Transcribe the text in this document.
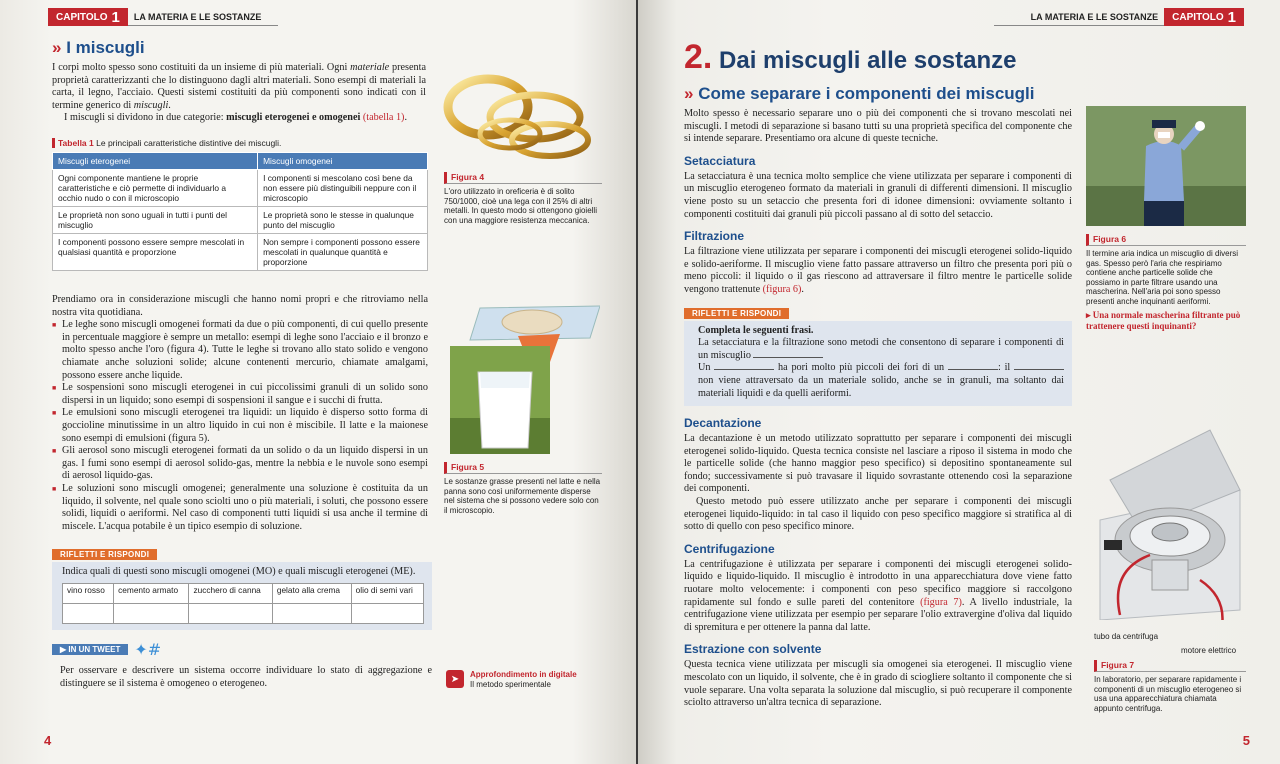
CAPITOLO 1	LA MATERIA E LE SOSTANZE
» I miscugli

I corpi molto spesso sono costituiti da un insieme di più materiali. Ogni materiale presenta proprietà caratterizzanti che lo distinguono dagli altri materiali. Sono esempi di materiali la carta, il legno, l'acciaio. Questi sistemi costituiti da più componenti sono indicati con il termine generico di miscugli.

I miscugli si dividono in due categorie: miscugli eterogenei e omogenei (tabella 1).

Tabella 1 Le principali caratteristiche distintive dei miscugli.
Miscugli eterogenei	Miscugli omogenei
Ogni componente mantiene le proprie caratteristiche e ciò permette di individuarlo a occhio nudo o con il microscopio	I componenti si mescolano così bene da non essere più distinguibili neppure con il microscopio
Le proprietà non sono uguali in tutti i punti del miscuglio	Le proprietà sono le stesse in qualunque punto del miscuglio
I componenti possono essere sempre mescolati in qualsiasi quantità e proporzione	Non sempre i componenti possono essere mescolati in qualunque quantità e proporzione
Figura 4
L'oro utilizzato in oreficeria è di solito 750/1000, cioè una lega con il 25% di altri metalli. In questo modo si ottengono gioielli con una maggiore resistenza meccanica.
Figura 5
Le sostanze grasse presenti nel latte e nella panna sono così uniformemente disperse nel sistema che si possono vedere solo con il microscopio.

Prendiamo ora in considerazione miscugli che hanno nomi propri e che ritroviamo nella nostra vita quotidiana.

■ Le leghe sono miscugli omogenei formati da due o più componenti, di cui quello presente in percentuale maggiore è sempre un metallo: esempi di leghe sono l'acciaio e il bronzo e molto spesso anche l'oro (figura 4). Tutte le leghe si trovano allo stato solido e vengono chiamate anche soluzioni solide; alcune contenenti mercurio, chiamate amalgami, possono essere anche liquide.
■ Le sospensioni sono miscugli eterogenei in cui piccolissimi granuli di un solido sono dispersi in un liquido; sono esempi di sospensioni il sangue e i succhi di frutta.
■ Le emulsioni sono miscugli eterogenei tra liquidi: un liquido è disperso sotto forma di goccioline minutissime in un altro liquido in cui non è miscibile. Il latte e la maionese sono esempi di emulsioni (figura 5).
■ Gli aerosol sono miscugli eterogenei formati da un solido o da un liquido dispersi in un gas. I fumi sono esempi di aerosol solido-gas, mentre la nebbia e le nuvole sono esempi di aerosol liquido-gas.
■ Le soluzioni sono miscugli omogenei; generalmente una soluzione è costituita da un liquido, il solvente, nel quale sono sciolti uno o più materiali, i soluti, che possono essere solidi, liquidi o aeriformi. Nel caso di componenti tutti liquidi si usa anche il termine di miscele. L'acqua potabile è un tipico esempio di soluzione.
RIFLETTI E RISPONDI

Indica quali di questi sono miscugli omogenei (MO) e quali miscugli eterogenei (ME).

vino rosso	cemento armato	zucchero di canna	gelato alla crema	olio di semi vari

▶ IN UN TWEET ✦#

Per osservare e descrivere un sistema occorre individuare lo stato di aggregazione e distinguere se il sistema è omogeneo o eterogeneo.	➤	Approfondimento in digitale
Il metodo sperimentale
4
LA MATERIA E LE SOSTANZE	CAPITOLO 1
2. Dai miscugli alle sostanze
» Come separare i componenti dei miscugli

Molto spesso è necessario separare uno o più dei componenti che si trovano mescolati nei miscugli. I metodi di separazione si basano tutti su una proprietà specifica del componente che si intende separare. Presentiamo ora alcune di queste tecniche.

Setacciatura

La setacciatura è una tecnica molto semplice che viene utilizzata per separare i componenti di un miscuglio eterogeneo formato da materiali in granuli di differenti dimensioni. Il miscuglio viene posto su un setaccio che presenta fori di idonee dimensioni: ovviamente soltanto i componenti costituiti dai granuli più piccoli passano al di sotto del setaccio.

Filtrazione

La filtrazione viene utilizzata per separare i componenti dei miscugli eterogenei solido-liquido e solido-aeriforme. Il miscuglio viene fatto passare attraverso un filtro che presenta pori più o meno piccoli: il liquido o il gas riescono ad attraversare il filtro mentre le particelle solide vengono trattenute (figura 6).

RIFLETTI E RISPONDI

Completa le seguenti frasi.

La setacciatura e la filtrazione sono metodi che consentono di separare i componenti di un miscuglio

Un	ha pori molto più piccoli dei fori di un	: il  non viene attraversato da un materiale solido, anche se in granuli, ma soltanto dai materiali liquidi e da quelli aeriformi.

Decantazione

La decantazione è un metodo utilizzato soprattutto per separare i componenti dei miscugli eterogenei solido-liquido. Questa tecnica consiste nel lasciare a riposo il sistema in modo che le particelle solide (che hanno maggior peso specifico) si depositino spontaneamente sul fondo; successivamente si può travasare il liquido sovrastante ottenendo così la separazione dei componenti.

Questo metodo può essere utilizzato anche per separare i componenti dei miscugli eterogenei liquido-liquido: in tal caso il liquido con peso specifico maggiore si stratifica al di sotto di quello con peso specifico minore.

Centrifugazione

La centrifugazione è utilizzata per separare i componenti dei miscugli eterogenei solido-liquido e liquido-liquido. Il miscuglio è introdotto in una apparecchiatura dove viene fatto ruotare molto velocemente: i componenti con peso specifico maggiore si raccolgono rapidamente sul fondo e sulle pareti del contenitore (figura 7). A livello industriale, la centrifugazione viene utilizzata per esempio per separare l'olio extravergine d'oliva dal liquido di spremitura e per ottenere la panna dal latte.

Estrazione con solvente

Questa tecnica viene utilizzata per miscugli sia omogenei sia eterogenei. Il miscuglio viene mescolato con un liquido, il solvente, che è in grado di sciogliere soltanto il componente che si vuole separare. Una volta separata la soluzione dal miscuglio, si può recuperare il componente sciolto attraverso un'altra tecnica di separazione.

Figura 6
Il termine aria indica un miscuglio di diversi gas. Spesso però l'aria che respiriamo contiene anche particelle solide che possiamo in parte filtrare usando una mascherina. Nell'aria poi sono spesso presenti anche inquinanti aeriformi.
▸ Una normale mascherina filtrante può trattenere questi inquinanti?
tubo da centrifuga
motore elettrico
Figura 7
In laboratorio, per separare rapidamente i componenti di un miscuglio eterogeneo si usa una apparecchiatura chiamata appunto centrifuga.
5
